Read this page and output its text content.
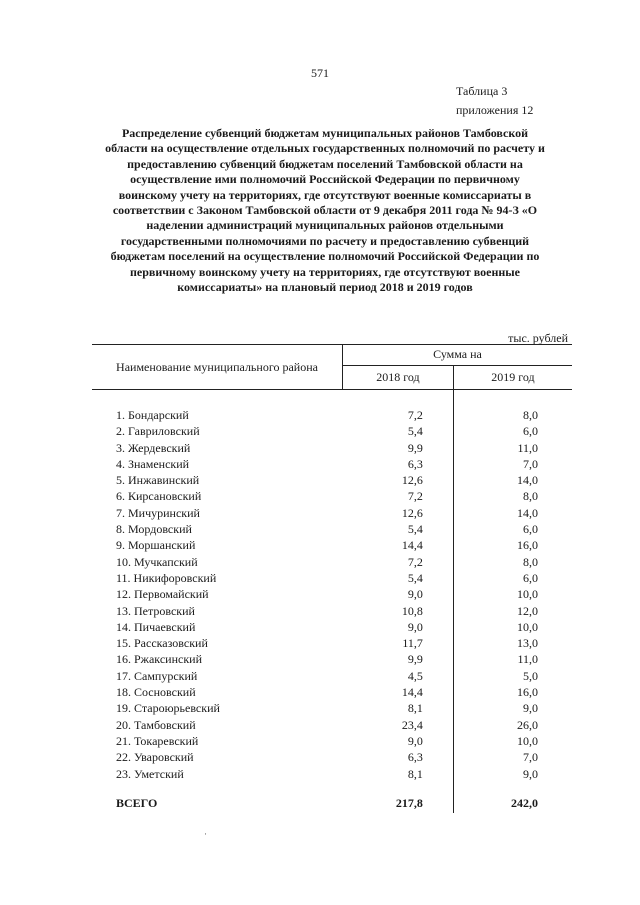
571
Таблица 3
приложения 12
Распределение субвенций бюджетам муниципальных районов Тамбовской области на осуществление отдельных государственных полномочий по расчету и предоставлению субвенций бюджетам поселений Тамбовской области на осуществление ими полномочий Российской Федерации по первичному воинскому учету на территориях, где отсутствуют военные комиссариаты в соответствии с Законом Тамбовской области от 9 декабря 2011 года № 94-З «О наделении администраций муниципальных районов отдельными государственными полномочиями по расчету и предоставлению субвенций бюджетам поселений на осуществление полномочий Российской Федерации по первичному воинскому учету на территориях, где отсутствуют военные комиссариаты» на плановый период 2018 и 2019 годов
тыс. рублей
Наименование муниципального района	Сумма на	
	2018 год	2019 год

1. Бондарский	7,2	8,0
2. Гавриловский	5,4	6,0
3. Жердевский	9,9	11,0
4. Знаменский	6,3	7,0
5. Инжавинский	12,6	14,0
6. Кирсановский	7,2	8,0
7. Мичуринский	12,6	14,0
8. Мордовский	5,4	6,0
9. Моршанский	14,4	16,0
10. Мучкапский	7,2	8,0
11. Никифоровский	5,4	6,0
12. Первомайский	9,0	10,0
13. Петровский	10,8	12,0
14. Пичаевский	9,0	10,0
15. Рассказовский	11,7	13,0
16. Ржаксинский	9,9	11,0
17. Сампурский	4,5	5,0
18. Сосновский	14,4	16,0
19. Староюрьевский	8,1	9,0
20. Тамбовский	23,4	26,0
21. Токаревский	9,0	10,0
22. Уваровский	6,3	7,0
23. Уметский	8,1	9,0

ВСЕГО	217,8	242,0
·
